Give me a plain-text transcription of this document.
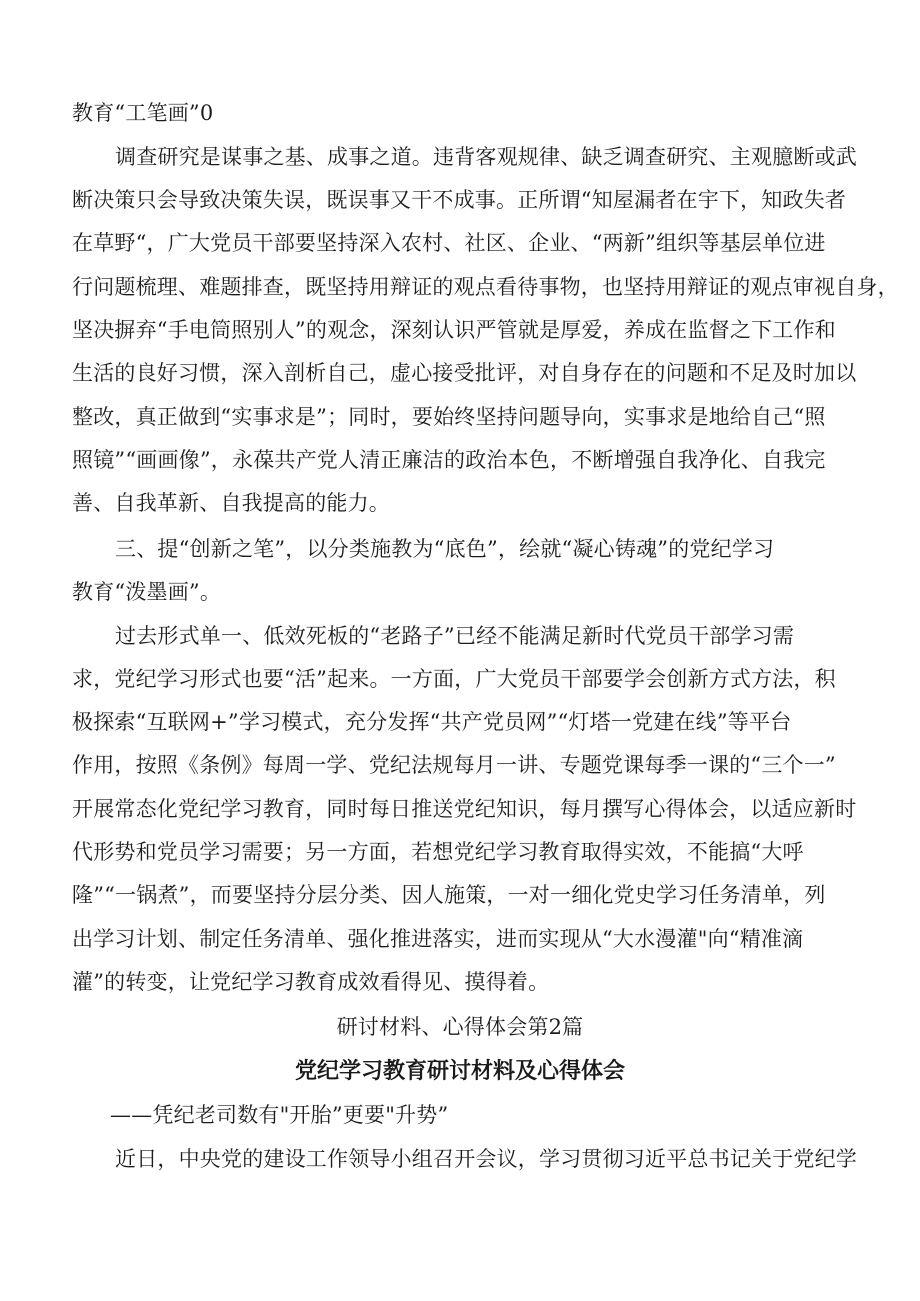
教育“工笔画”0
调查研究是谋事之基、成事之道。违背客观规律、缺乏调查研究、主观臆断或武
断决策只会导致决策失误，既误事又干不成事。正所谓“知屋漏者在宇下，知政失者
在草野“，广大党员干部要坚持深入农村、社区、企业、“两新”组织等基层单位进
行问题梳理、难题排查，既坚持用辩证的观点看待事物，也坚持用辩证的观点审视自身，
坚决摒弃“手电筒照别人”的观念，深刻认识严管就是厚爱，养成在监督之下工作和
生活的良好习惯，深入剖析自己，虚心接受批评，对自身存在的问题和不足及时加以
整改，真正做到“实事求是”；同时，要始终坚持问题导向，实事求是地给自己“照
照镜”“画画像”，永葆共产党人清正廉洁的政治本色，不断增强自我净化、自我完
善、自我革新、自我提高的能力。
三、提“创新之笔”，以分类施教为“底色”，绘就“凝心铸魂”的党纪学习
教育“泼墨画”。
过去形式单一、低效死板的“老路子”已经不能满足新时代党员干部学习需
求，党纪学习形式也要“活”起来。一方面，广大党员干部要学会创新方式方法，积
极探索“互联网+”学习模式，充分发挥“共产党员网”“灯塔一党建在线”等平台
作用，按照《条例》每周一学、党纪法规每月一讲、专题党课每季一课的“三个一”
开展常态化党纪学习教育，同时每日推送党纪知识，每月撰写心得体会，以适应新时
代形势和党员学习需要；另一方面，若想党纪学习教育取得实效，不能搞“大呼
隆”“一锅煮”，而要坚持分层分类、因人施策，一对一细化党史学习任务清单，列
出学习计划、制定任务清单、强化推进落实，进而实现从“大水漫灌"向“精准滴
灌”的转变，让党纪学习教育成效看得见、摸得着。
研讨材料、心得体会第2篇
党纪学习教育研讨材料及心得体会
——凭纪老司数有"开胎”更要"升势”
近日，中央党的建设工作领导小组召开会议，学习贯彻习近平总书记关于党纪学
